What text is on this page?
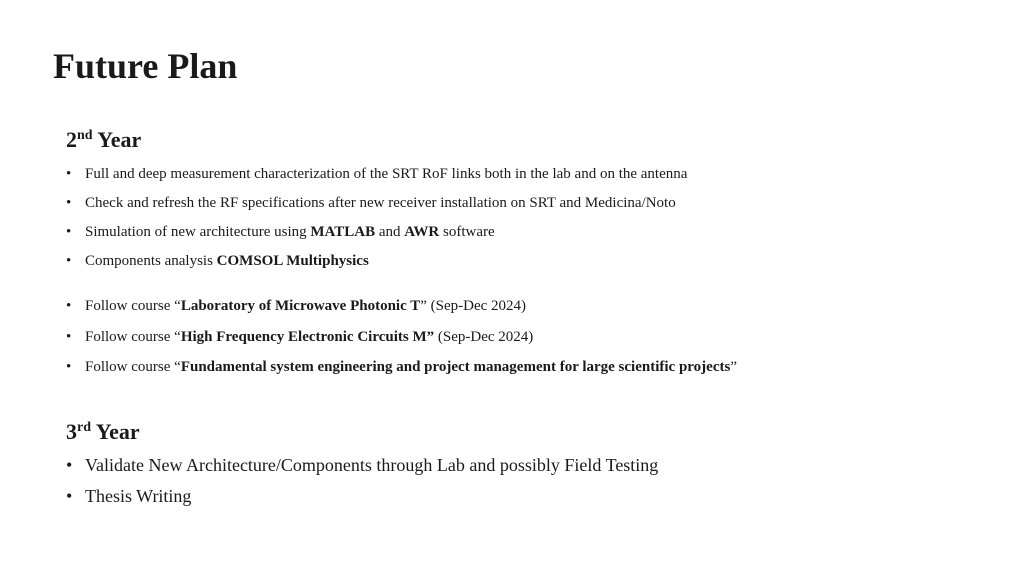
Future Plan
2nd Year
• Full and deep measurement characterization of the SRT RoF links both in the lab and on the antenna
• Check and refresh the RF specifications after new receiver installation on SRT and Medicina/Noto
• Simulation of new architecture using MATLAB and AWR software
• Components analysis COMSOL Multiphysics
• Follow course “Laboratory of Microwave Photonic T” (Sep-Dec 2024)
• Follow course “High Frequency Electronic Circuits M” (Sep-Dec 2024)
• Follow course “Fundamental system engineering and project management for large scientific projects”
3rd Year
• Validate New Architecture/Components through Lab and possibly Field Testing
• Thesis Writing
